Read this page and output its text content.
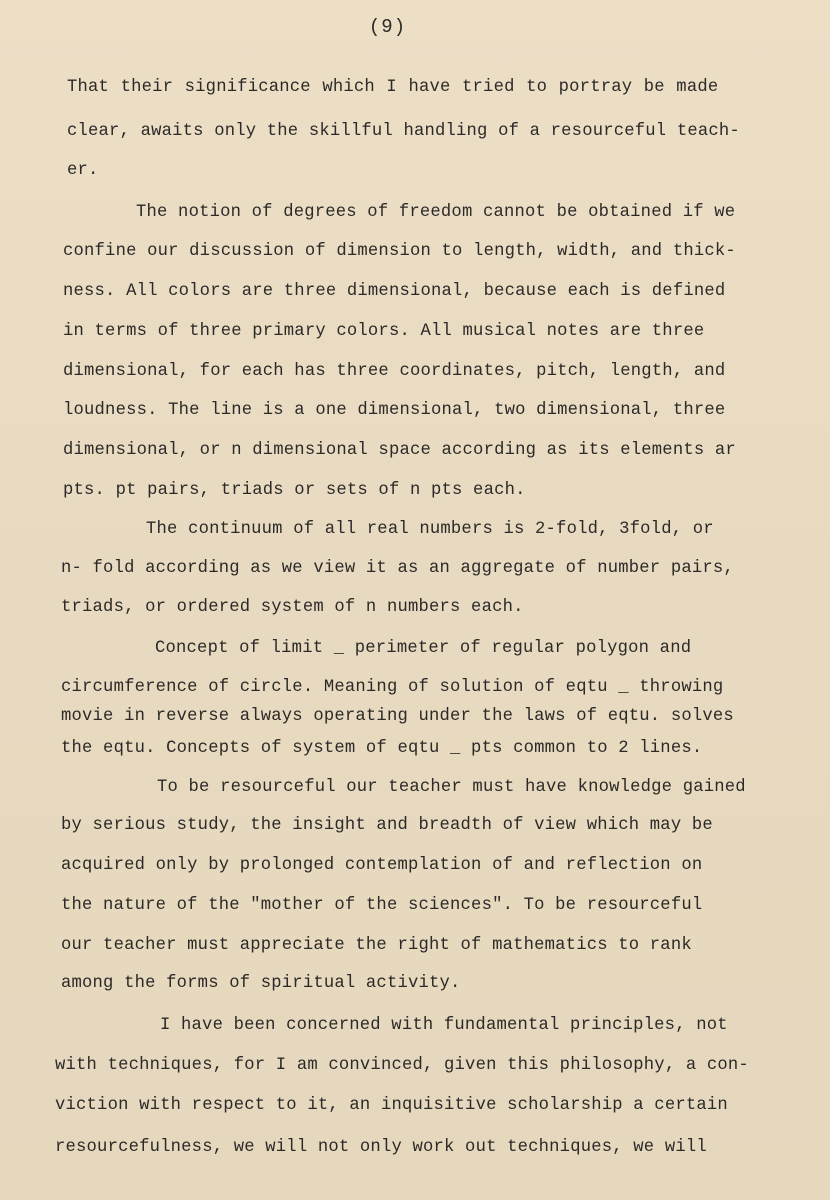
(9)
That their significance which I have tried to portray be made
clear, awaits only the skillful handling of a resourceful teach-
er.
The notion of degrees of freedom cannot be obtained if we
confine our discussion of dimension to length, width, and thick-
ness. All colors are three dimensional, because each is defined
in terms of three primary colors. All musical notes are three
dimensional, for each has three coordinates, pitch, length, and
loudness. The line is a one dimensional, two dimensional, three
dimensional, or n dimensional space according as its elements ar
pts. pt pairs, triads or sets of n pts each.
The continuum of all real numbers is 2-fold, 3fold, or
n- fold according as we view it as an aggregate of number pairs,
triads, or ordered system of n numbers each.
Concept of limit _ perimeter of regular polygon and
circumference of circle. Meaning of solution of eqtu _ throwing
movie in reverse always operating under the laws of eqtu. solves
the eqtu. Concepts of system of eqtu _ pts common to 2 lines.
To be resourceful our teacher must have knowledge gained
by serious study, the insight and breadth of view which may be
acquired only by prolonged contemplation of and reflection on
the nature of the "mother of the sciences". To be resourceful
our teacher must appreciate the right of mathematics to rank
among the forms of spiritual activity.
I have been concerned with fundamental principles, not
with techniques, for I am convinced, given this philosophy, a con-
viction with respect to it, an inquisitive scholarship a certain
resourcefulness, we will not only work out techniques, we will
